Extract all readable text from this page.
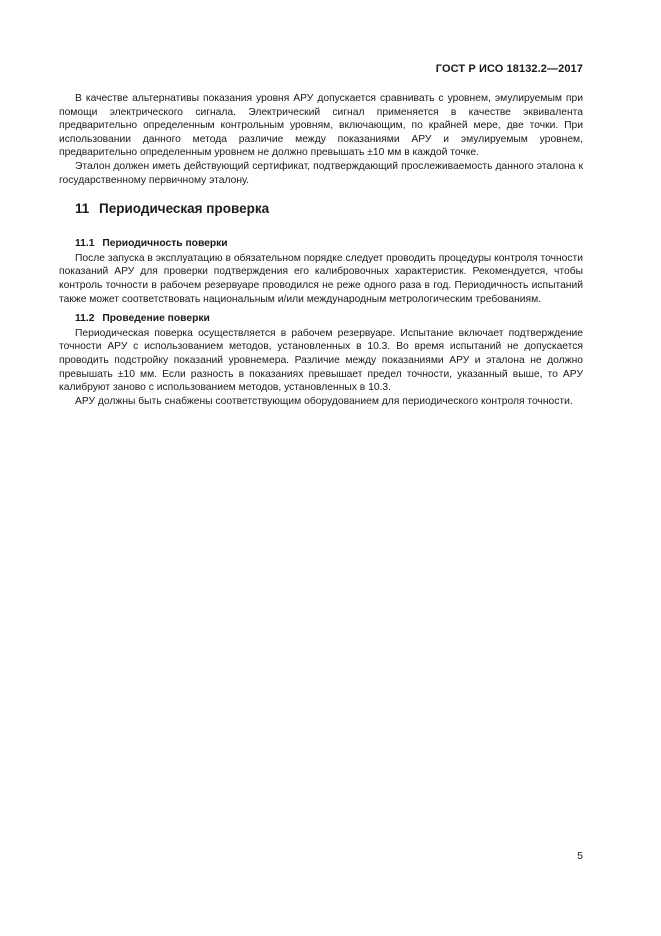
ГОСТ Р ИСО 18132.2—2017

В качестве альтернативы показания уровня АРУ допускается сравнивать с уровнем, эмулируемым при помощи электрического сигнала. Электрический сигнал применяется в качестве эквивалента предварительно определенным контрольным уровням, включающим, по крайней мере, две точки. При использовании данного метода различие между показаниями АРУ и эмулируемым уровнем, предварительно определенным уровнем не должно превышать ±10 мм в каждой точке.

Эталон должен иметь действующий сертификат, подтверждающий прослеживаемость данного эталона к государственному первичному эталону.

11 Периодическая проверка
11.1 Периодичность поверки

После запуска в эксплуатацию в обязательном порядке следует проводить процедуры контроля точности показаний АРУ для проверки подтверждения его калибровочных характеристик. Рекомендуется, чтобы контроль точности в рабочем резервуаре проводился не реже одного раза в год. Периодичность испытаний также может соответствовать национальным и/или международным метрологическим требованиям.

11.2 Проведение поверки

Периодическая поверка осуществляется в рабочем резервуаре. Испытание включает подтверждение точности АРУ с использованием методов, установленных в 10.3. Во время испытаний не допускается проводить подстройку показаний уровнемера. Различие между показаниями АРУ и эталона не должно превышать ±10 мм. Если разность в показаниях превышает предел точности, указанный выше, то АРУ калибруют заново с использованием методов, установленных в 10.3.

АРУ должны быть снабжены соответствующим оборудованием для периодического контроля точности.

5
